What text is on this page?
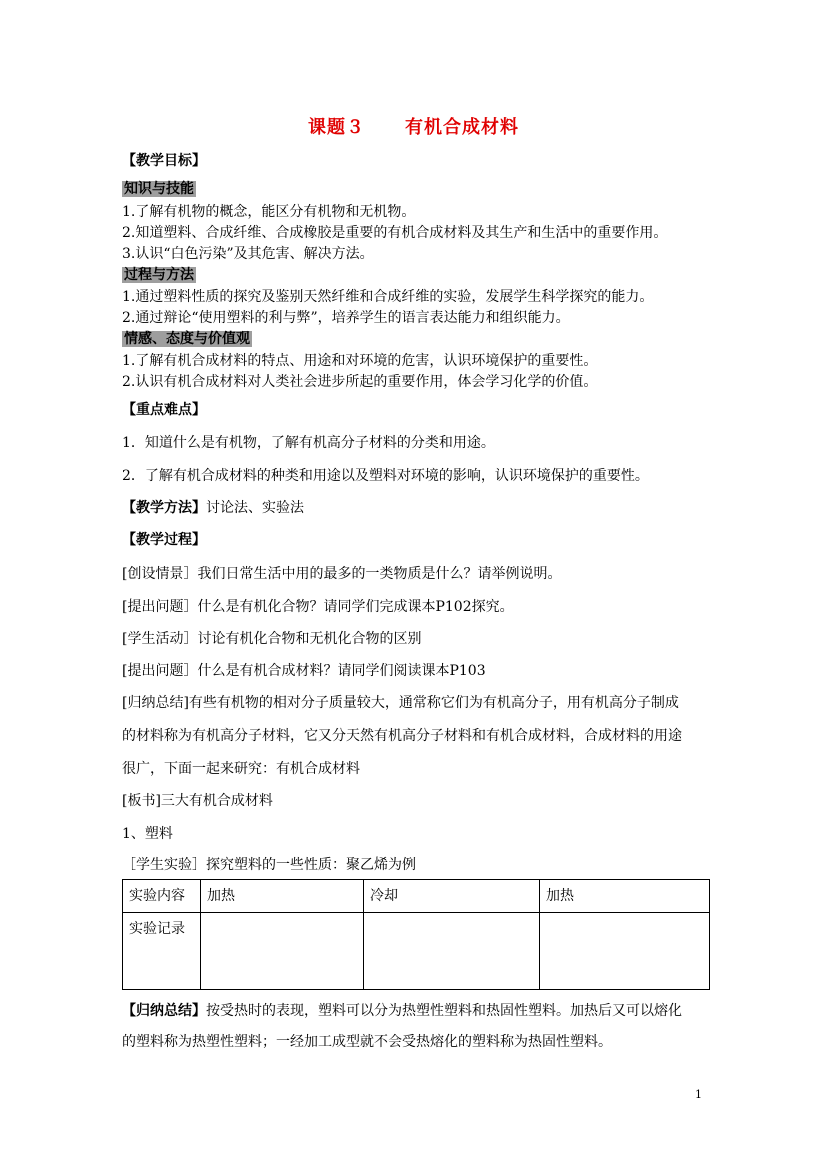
课题３ 有机合成材料
【教学目标】
知识与技能
1.了解有机物的概念，能区分有机物和无机物。
2.知道塑料、合成纤维、合成橡胶是重要的有机合成材料及其生产和生活中的重要作用。
3.认识“白色污染”及其危害、解决方法。
过程与方法
1.通过塑料性质的探究及鉴别天然纤维和合成纤维的实验，发展学生科学探究的能力。
2.通过辩论“使用塑料的利与弊”，培养学生的语言表达能力和组织能力。
情感、态度与价值观
1.了解有机合成材料的特点、用途和对环境的危害，认识环境保护的重要性。
2.认识有机合成材料对人类社会进步所起的重要作用，体会学习化学的价值。
【重点难点】
1．知道什么是有机物，了解有机高分子材料的分类和用途。
2．了解有机合成材料的种类和用途以及塑料对环境的影响，认识环境保护的重要性。
【教学方法】讨论法、实验法
【教学过程】
[创设情景］我们日常生活中用的最多的一类物质是什么？请举例说明。
[提出问题］什么是有机化合物？请同学们完成课本P102探究。
[学生活动］讨论有机化合物和无机化合物的区别
[提出问题］什么是有机合成材料？请同学们阅读课本P103
[归纳总结]有些有机物的相对分子质量较大，通常称它们为有机高分子，用有机高分子制成
的材料称为有机高分子材料，它又分天然有机高分子材料和有机合成材料，合成材料的用途
很广，下面一起来研究：有机合成材料
[板书]三大有机合成材料
1、塑料
［学生实验］探究塑料的一些性质：聚乙烯为例
实验内容	加热	冷却	加热
实验记录			
【归纳总结】按受热时的表现，塑料可以分为热塑性塑料和热固性塑料。加热后又可以熔化
的塑料称为热塑性塑料；一经加工成型就不会受热熔化的塑料称为热固性塑料。
1
